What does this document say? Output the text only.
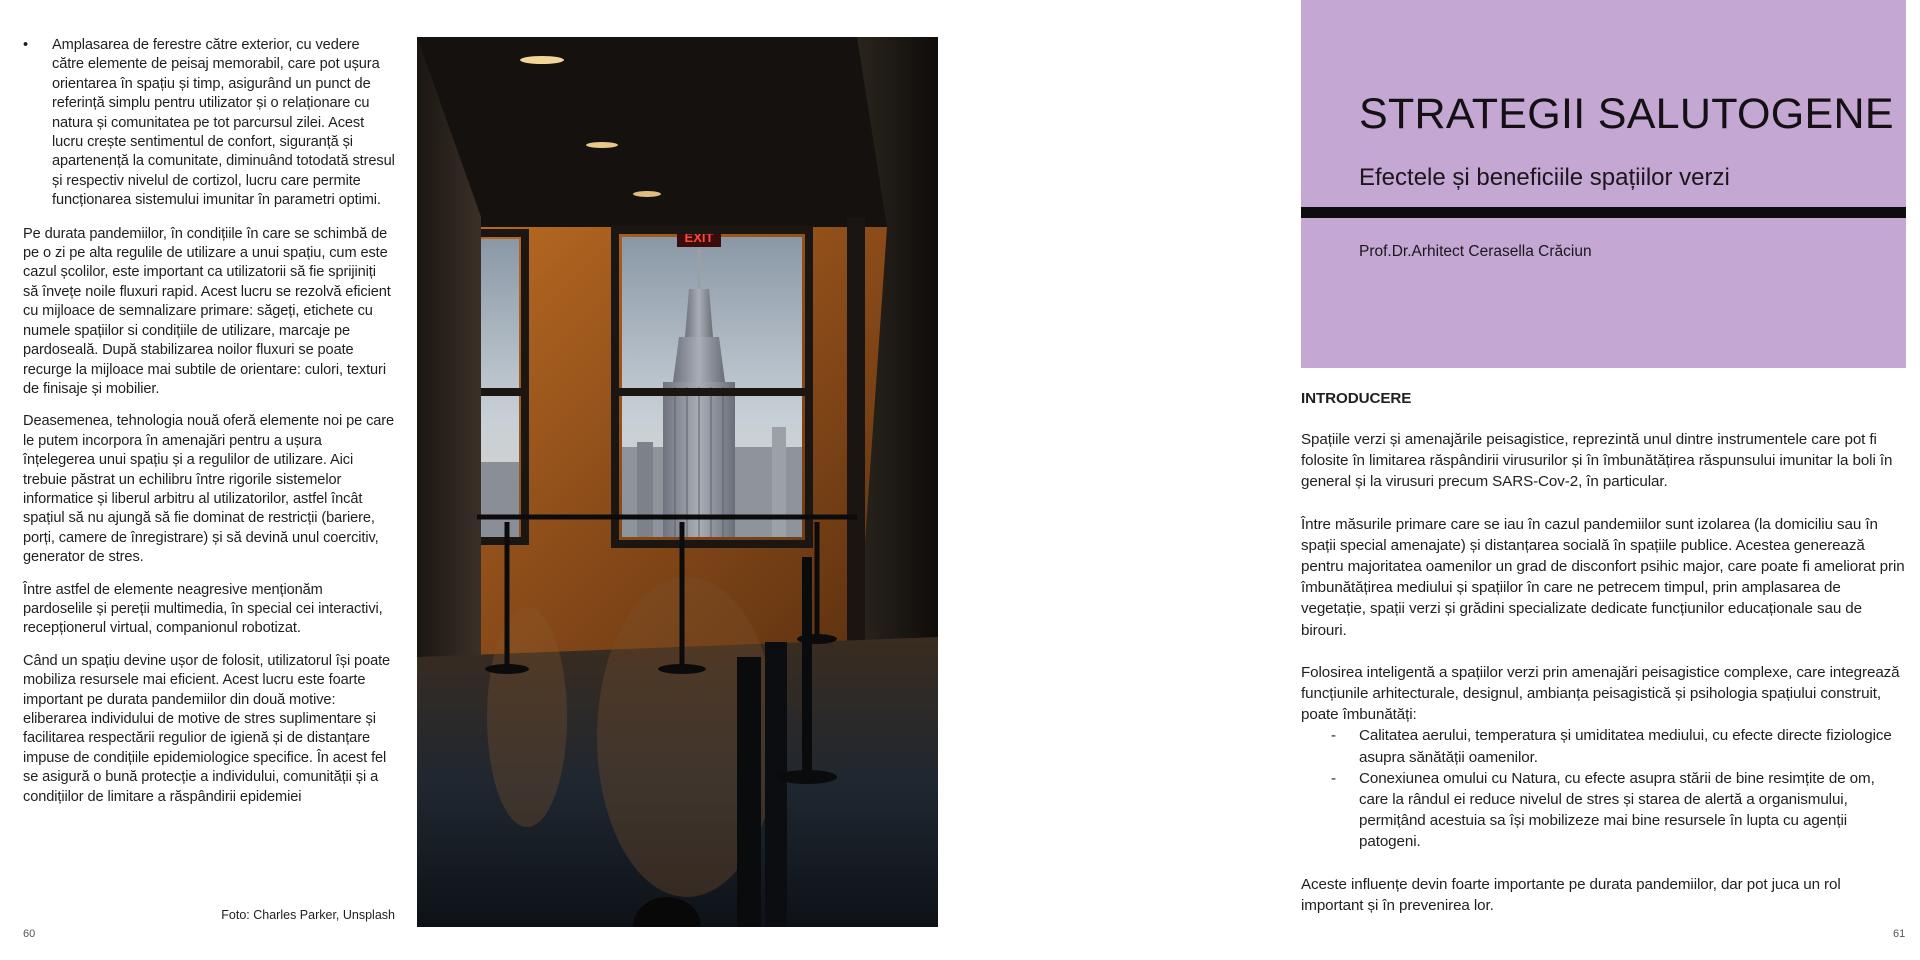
• Amplasarea de ferestre către exterior, cu vedere către elemente de peisaj memorabil, care pot ușura orientarea în spațiu și timp, asigurând un punct de referință simplu pentru utilizator și o relaționare cu natura și comunitatea pe tot parcursul zilei. Acest lucru crește sentimentul de confort, siguranță și apartenență la comunitate, diminuând totodată stresul și respectiv nivelul de cortizol, lucru care permite funcționarea sistemului imunitar în parametri optimi.

Pe durata pandemiilor, în condițiile în care se schimbă de pe o zi pe alta regulile de utilizare a unui spațiu, cum este cazul școlilor, este important ca utilizatorii să fie sprijiniți să învețe noile fluxuri rapid. Acest lucru se rezolvă eficient cu mijloace de semnalizare primare: săgeți, etichete cu numele spațiilor si condițiile de utilizare, marcaje pe pardoseală. După stabilizarea noilor fluxuri se poate recurge la mijloace mai subtile de orientare: culori, texturi de finisaje și mobilier.

Deasemenea, tehnologia nouă oferă elemente noi pe care le putem incorpora în amenajări pentru a ușura înțelegerea unui spațiu și a regulilor de utilizare. Aici trebuie păstrat un echilibru între rigorile sistemelor informatice și liberul arbitru al utilizatorilor, astfel încât spațiul să nu ajungă să fie dominat de restricții (bariere, porți, camere de înregistrare) și să devină unul coercitiv, generator de stres.

Între astfel de elemente neagresive menționăm pardoselile și pereții multimedia, în special cei interactivi, recepționerul virtual, companionul robotizat.

Când un spațiu devine ușor de folosit, utilizatorul își poate mobiliza resursele mai eficient. Acest lucru este foarte important pe durata pandemiilor din două motive: eliberarea individului de motive de stres suplimentare și facilitarea respectării regulior de igienă și de distanțare impuse de condițiile epidemiologice specifice. În acest fel se asigură o bună protecție a individului, comunității și a condițiilor de limitare a răspândirii epidemiei

Foto: Charles Parker, Unsplash
60
EXIT
STRATEGII SALUTOGENE
Efectele și beneficiile spațiilor verzi
Prof.Dr.Arhitect Cerasella Crăciun
INTRODUCERE

Spațiile verzi și amenajările peisagistice, reprezintă unul dintre instrumentele care pot fi folosite în limitarea răspândirii virusurilor și în îmbunătățirea răspunsului imunitar la boli în general și la virusuri precum SARS-Cov-2, în particular.

Între măsurile primare care se iau în cazul pandemiilor sunt izolarea (la domiciliu sau în spații special amenajate) și distanțarea socială în spațiile publice. Acestea generează pentru majoritatea oamenilor un grad de disconfort psihic major, care poate fi ameliorat prin îmbunătățirea mediului și spațiilor în care ne petrecem timpul, prin amplasarea de vegetație, spații verzi și grădini specializate dedicate funcțiunilor educaționale sau de birouri.

Folosirea inteligentă a spațiilor verzi prin amenajări peisagistice complexe, care integrează funcțiunile arhitecturale, designul, ambianța peisagistică și psihologia spațiului construit, poate îmbunătăți:

- Calitatea aerului, temperatura și umiditatea mediului, cu efecte directe fiziologice asupra sănătății oamenilor.
- Conexiunea omului cu Natura, cu efecte asupra stării de bine resimțite de om, care la rândul ei reduce nivelul de stres și starea de alertă a organismului, permițând acestuia sa își mobilizeze mai bine resursele în lupta cu agenții patogeni.

Aceste influențe devin foarte importante pe durata pandemiilor, dar pot juca un rol important și în prevenirea lor.

61
